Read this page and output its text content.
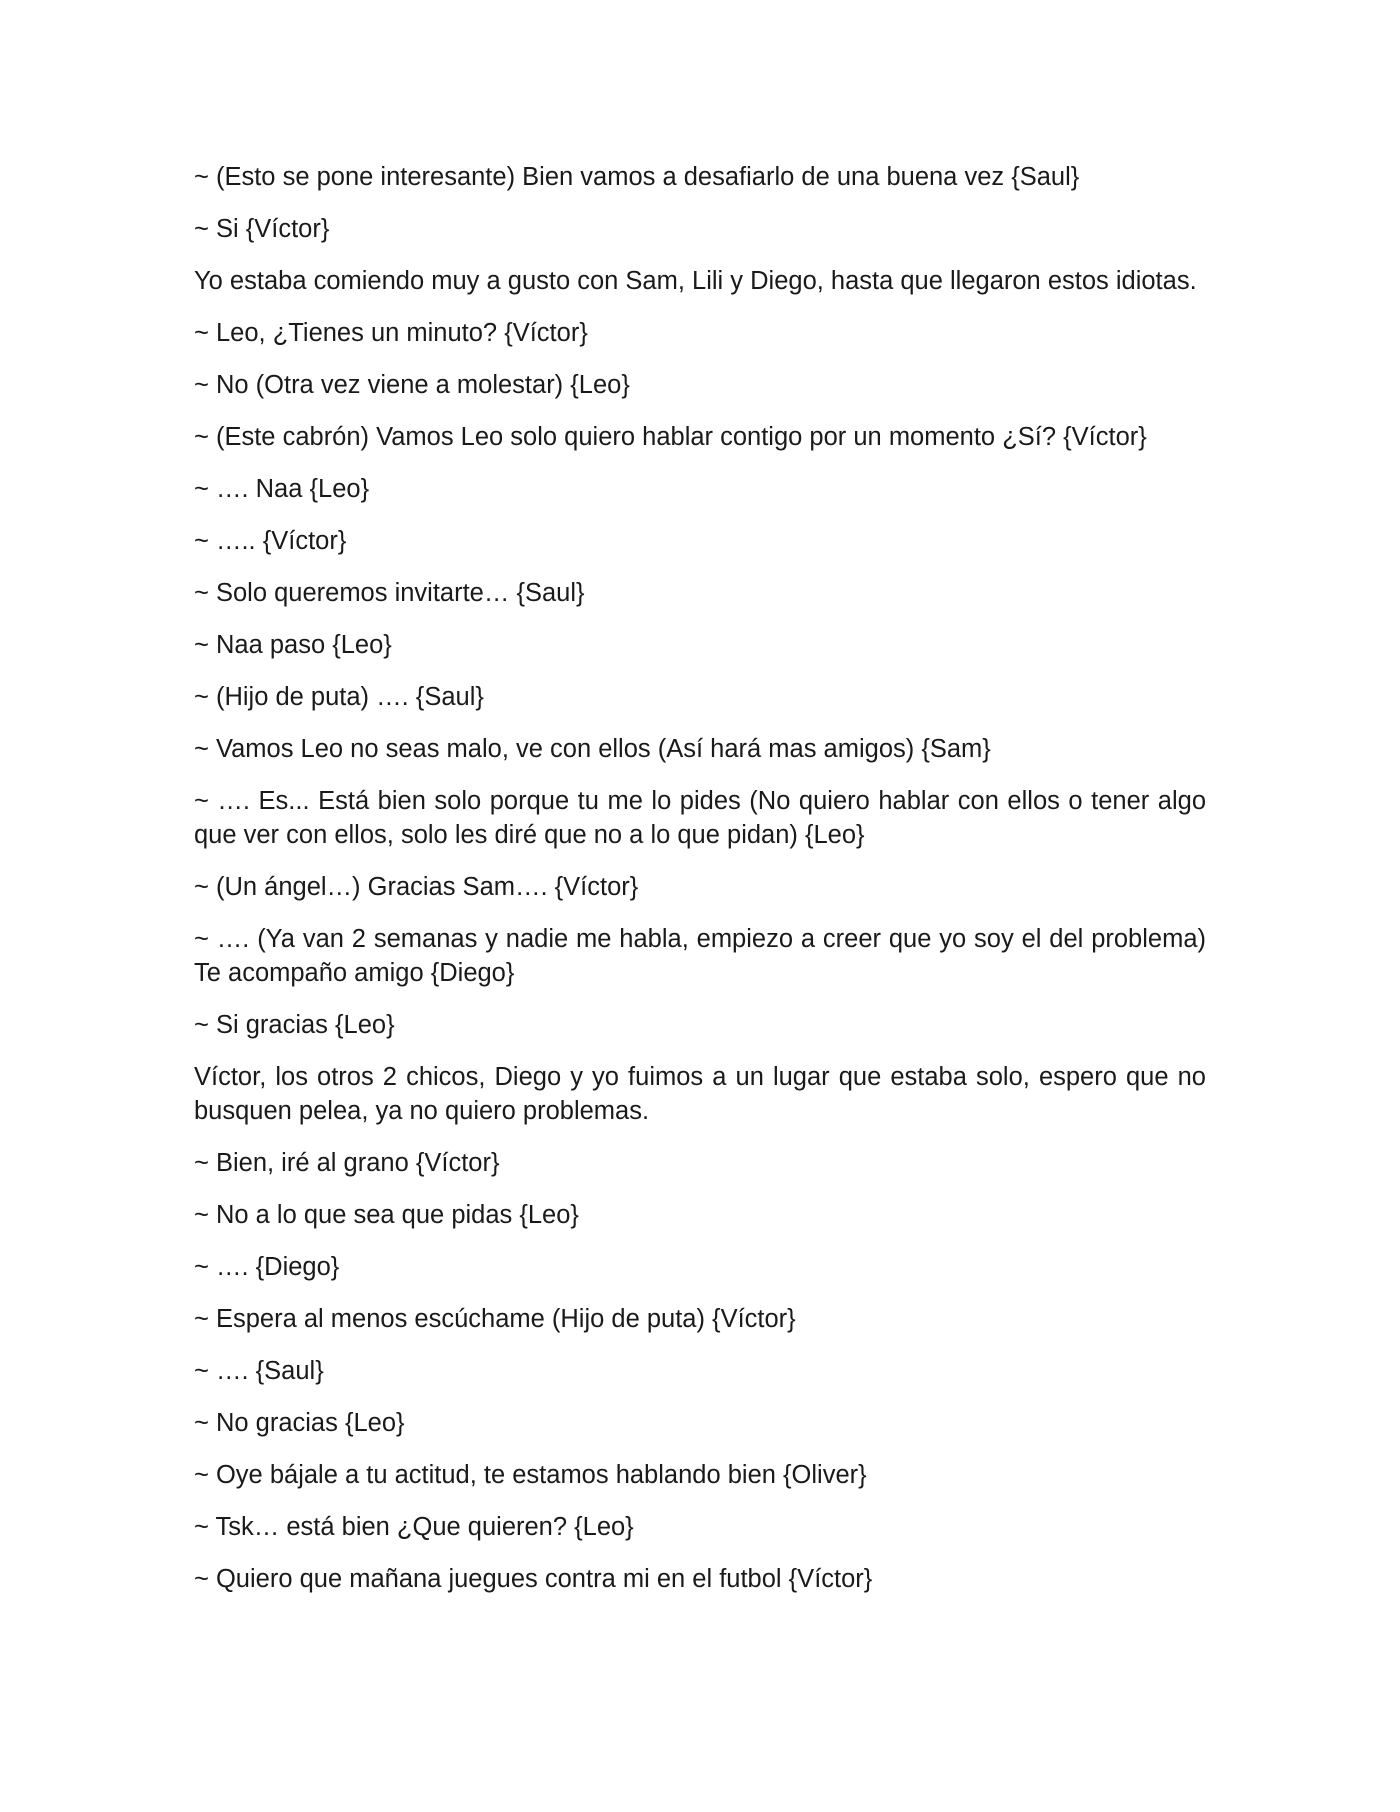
~ (Esto se pone interesante) Bien vamos a desafiarlo de una buena vez {Saul}

~ Si {Víctor}

Yo estaba comiendo muy a gusto con Sam, Lili y Diego, hasta que llegaron estos idiotas.

~ Leo, ¿Tienes un minuto? {Víctor}

~ No (Otra vez viene a molestar) {Leo}

~ (Este cabrón) Vamos Leo solo quiero hablar contigo por un momento ¿Sí? {Víctor}

~ …. Naa {Leo}

~ ….. {Víctor}

~ Solo queremos invitarte… {Saul}

~ Naa paso {Leo}

~ (Hijo de puta) …. {Saul}

~ Vamos Leo no seas malo, ve con ellos (Así hará mas amigos) {Sam}

~ …. Es... Está bien solo porque tu me lo pides (No quiero hablar con ellos o tener algo que ver con ellos, solo les diré que no a lo que pidan) {Leo}

~ (Un ángel…) Gracias Sam…. {Víctor}

~ …. (Ya van 2 semanas y nadie me habla, empiezo a creer que yo soy el del problema) Te acompaño amigo {Diego}

~ Si gracias {Leo}

Víctor, los otros 2 chicos, Diego y yo fuimos a un lugar que estaba solo, espero que no busquen pelea, ya no quiero problemas.

~ Bien, iré al grano {Víctor}

~ No a lo que sea que pidas {Leo}

~ …. {Diego}

~ Espera al menos escúchame (Hijo de puta) {Víctor}

~ …. {Saul}

~ No gracias {Leo}

~ Oye bájale a tu actitud, te estamos hablando bien {Oliver}

~ Tsk… está bien ¿Que quieren? {Leo}

~ Quiero que mañana juegues contra mi en el futbol {Víctor}
